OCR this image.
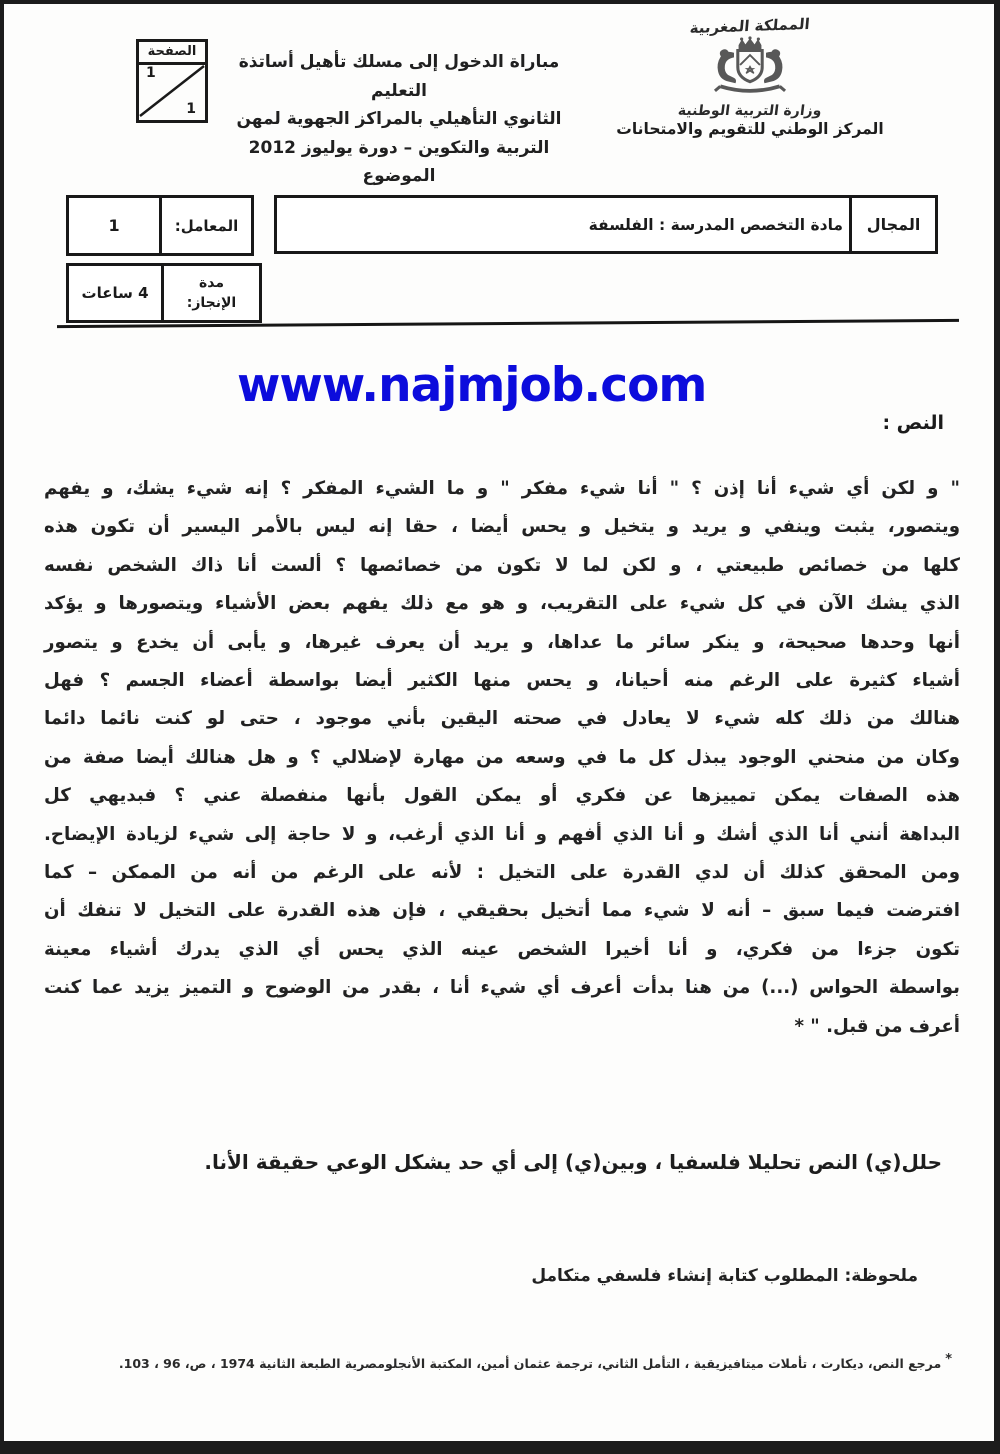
الصفحة
1
1
مباراة الدخول إلى مسلك تأهيل أساتذة التعليم
الثانوي التأهيلي بالمراكز الجهوية لمهن
التربية والتكوين – دورة يوليوز 2012
الموضوع
المملكة المغربية
وزارة التربية الوطنية
المركز الوطني للتقويم والامتحانات
المجال
مادة التخصص المدرسة : الفلسفة
المعامل:
1
مدة
الإنجاز:
4 ساعات
www.najmjob.com
النص :
" و لكن أي شيء أنا إذن ؟ " أنا شيء مفكر " و ما الشيء المفكر ؟ إنه شيء يشك، و يفهم
ويتصور، يثبت وينفي و يريد و يتخيل و يحس أيضا ، حقا إنه ليس بالأمر اليسير أن تكون هذه
كلها من خصائص طبيعتي ، و لكن لما لا تكون من خصائصها ؟ ألست أنا ذاك الشخص نفسه
الذي يشك الآن في كل شيء على التقريب، و هو مع ذلك يفهم بعض الأشياء ويتصورها و يؤكد
أنها وحدها صحيحة، و ينكر سائر ما عداها، و يريد أن يعرف غيرها، و يأبى أن يخدع و يتصور
أشياء كثيرة على الرغم منه أحيانا، و يحس منها الكثير أيضا بواسطة أعضاء الجسم ؟ فهل
هنالك من ذلك كله شيء لا يعادل في صحته اليقين بأني موجود ، حتى لو كنت نائما دائما
وكان من منحني الوجود يبذل كل ما في وسعه من مهارة لإضلالي ؟ و هل هنالك أيضا صفة من
هذه الصفات يمكن تمييزها عن فكري أو يمكن القول بأنها منفصلة عني ؟ فبديهي كل
البداهة أنني أنا الذي أشك و أنا الذي أفهم و أنا الذي أرغب، و لا حاجة إلى شيء لزيادة الإيضاح.
ومن المحقق كذلك أن لدي القدرة على التخيل : لأنه على الرغم من أنه من الممكن – كما
افترضت فيما سبق – أنه لا شيء مما أتخيل بحقيقي ، فإن هذه القدرة على التخيل لا تنفك أن
تكون جزءا من فكري، و أنا أخيرا الشخص عينه الذي يحس أي الذي يدرك أشياء معينة
بواسطة الحواس (...) من هنا بدأت أعرف أي شيء أنا ، بقدر من الوضوح و التميز يزيد عما كنت
أعرف من قبل. " *
حلل(ي) النص تحليلا فلسفيا ، وبين(ي) إلى أي حد يشكل الوعي حقيقة الأنا.
ملحوظة: المطلوب كتابة إنشاء فلسفي متكامل
*مرجع النص، ديكارت ، تأملات ميتافيزيقية ، التأمل الثاني، ترجمة عثمان أمين، المكتبة الأنجلومصرية الطبعة الثانية 1974 ، ص، 96 ، 103.
